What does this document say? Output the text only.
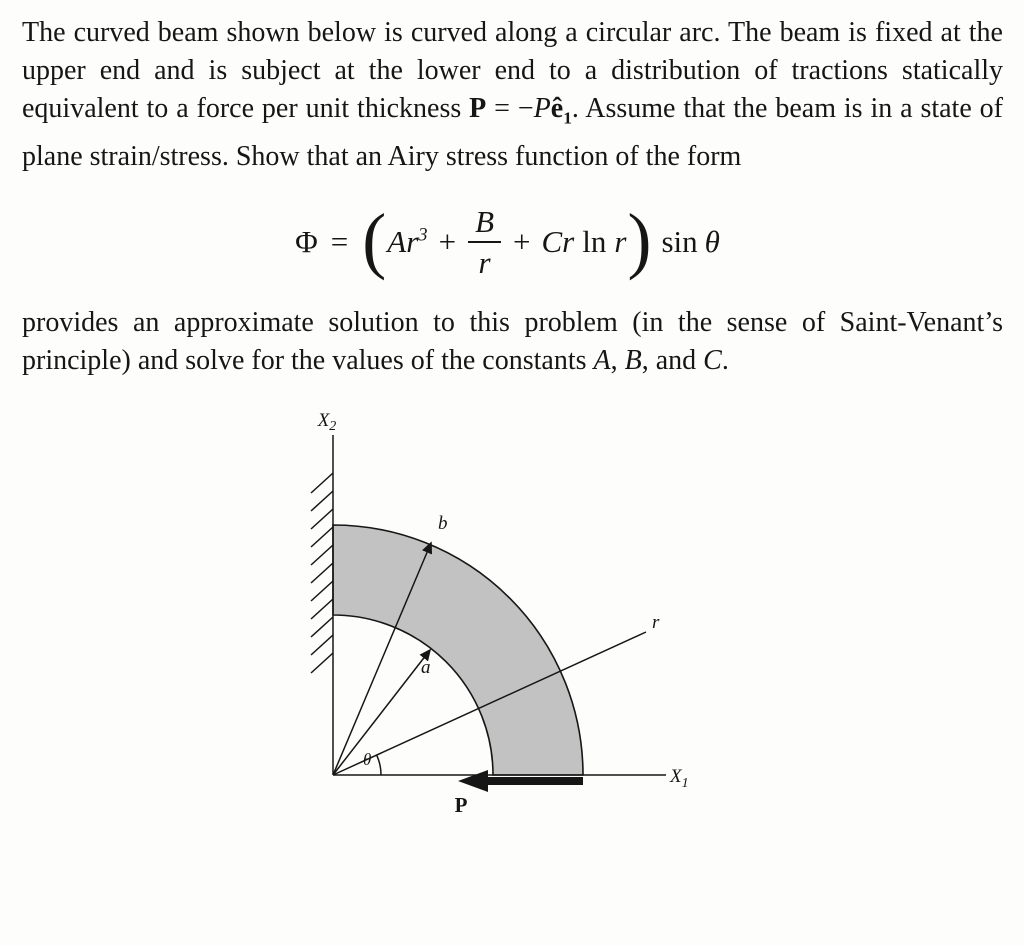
The curved beam shown below is curved along a circular arc. The beam is fixed at the upper end and is subject at the lower end to a distribution of tractions statically equivalent to a force per unit thickness $P = -Pê_1$. Assume that the beam is in a state of plane strain/stress. Show that an Airy stress function of the form

Φ = ( $Ar^3 + \frac{B}{r} + Cr$ ln r ) sin θ

provides an approximate solution to this problem (in the sense of Saint-Venant’s principle) and solve for the values of the constants A, B, and C.

$X_2$
$X_1$
b
a
r
θ
P
